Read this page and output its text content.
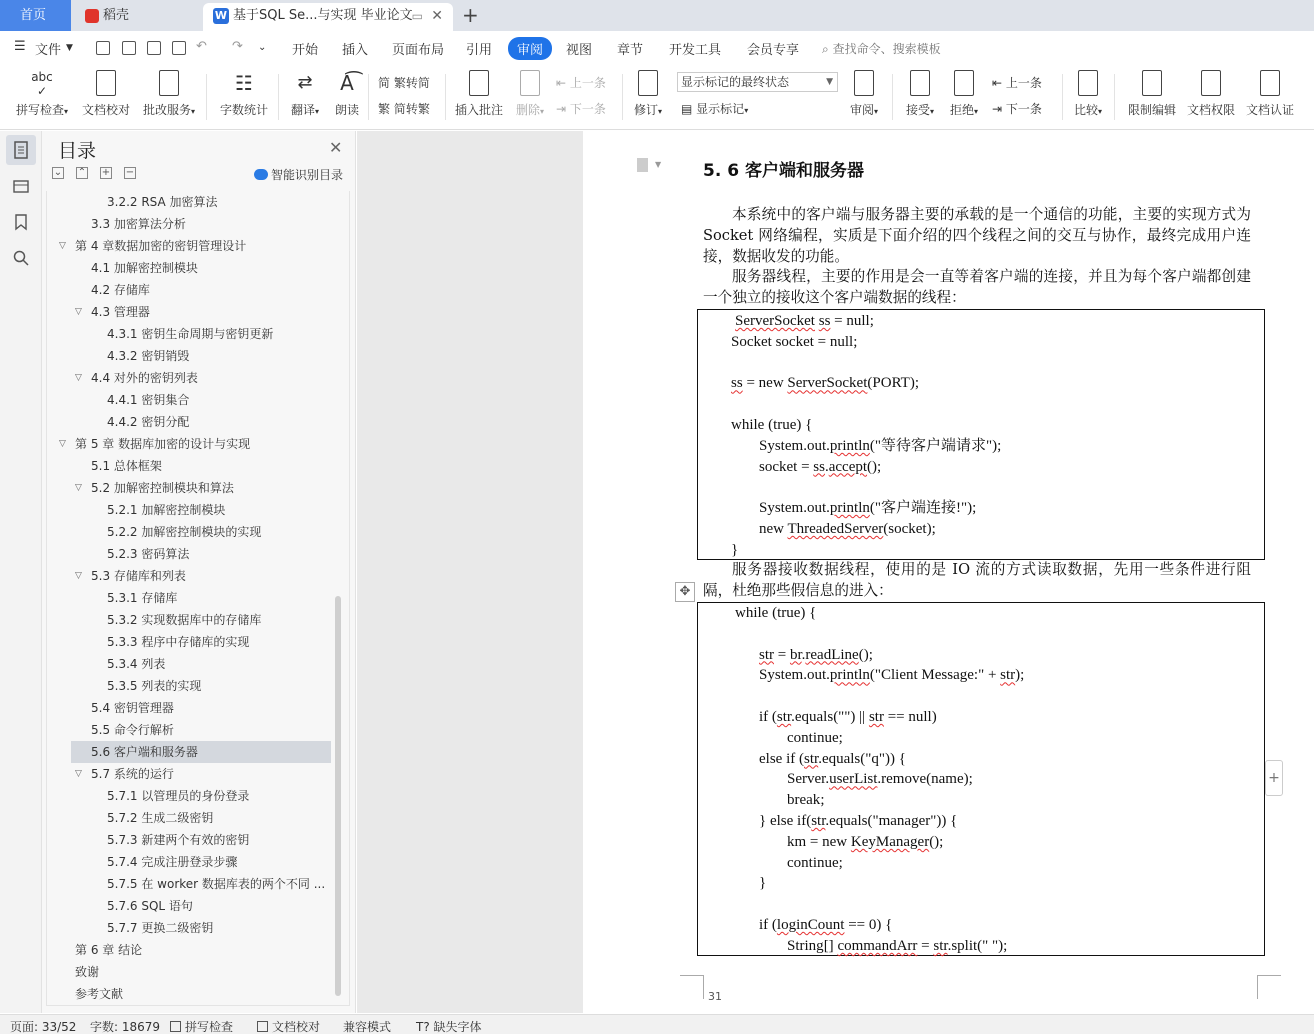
首页	稻壳	W 基于SQL Se...与实现 毕业论文 ▭ ✕ +
☰ 文件 ▼	↶ ↷ ⌄ 开始 插入 页面布局 引用	审阅	视图 章节 开发工具 会员专享 ⌕ 查找命令、搜索模板
abc
✓
拼写检查▾	文档校对 批改服务▾
☷
字数统计
⇄
翻译▾
A͡
朗读
简 繁转简
繁 简转繁 插入批注	删除▾
⇤ 上一条
⇥ 下一条	修订▾
显示标记的最终状态	▼
▤ 显示标记▾	审阅▾	接受▾	拒绝▾
⇤ 上一条
⇥ 下一条	比较▾	限制编辑 文档权限 文档认证
目录	✕
⌄ ⌃ + −	智能识别目录
3.2.2 RSA 加密算法
3.3 加密算法分析
▽ 第 4 章数据加密的密钥管理设计
4.1 加解密控制模块
4.2 存储库
▽ 4.3 管理器
4.3.1 密钥生命周期与密钥更新
4.3.2 密钥销毁
▽ 4.4 对外的密钥列表
4.4.1 密钥集合
4.4.2 密钥分配
▽ 第 5 章 数据库加密的设计与实现
5.1 总体框架
▽ 5.2 加解密控制模块和算法
5.2.1 加解密控制模块
5.2.2 加解密控制模块的实现
5.2.3 密码算法
▽ 5.3 存储库和列表
5.3.1 存储库
5.3.2 实现数据库中的存储库
5.3.3 程序中存储库的实现
5.3.4 列表
5.3.5 列表的实现
5.4 密钥管理器
5.5 命令行解析
5.6 客户端和服务器
▽ 5.7 系统的运行
5.7.1 以管理员的身份登录
5.7.2 生成二级密钥
5.7.3 新建两个有效的密钥
5.7.4 完成注册登录步骤
5.7.5 在 worker 数据库表的两个不同 ...
5.7.6 SQL 语句
5.7.7 更换二级密钥
第 6 章 结论
致谢
参考文献
▼ 5. 6 客户端和服务器
本系统中的客户端与服务器主要的承载的是一个通信的功能，主要的实现方式为 Socket 网络编程，实质是下面介绍的四个线程之间的交互与协作，最终完成用户连接，数据收发的功能。
服务器线程，主要的作用是会一直等着客户端的连接，并且为每个客户端都创建一个独立的接收这个客户端数据的线程：
ServerSocket ss = null;
Socket socket = null;
ss = new ServerSocket(PORT);
while (true) {
System.out.println("等待客户端请求");
socket = ss.accept();
System.out.println("客户端连接!");
new ThreadedServer(socket);
}
服务器接收数据线程，使用的是 IO 流的方式读取数据，先用一些条件进行阻隔，杜绝那些假信息的进入：
✥
while (true) {
str = br.readLine();
System.out.println("Client Message:" + str);
if (str.equals("") || str == null)
continue;
else if (str.equals("q")) {
Server.userList.remove(name);
break;
} else if(str.equals("manager")) {
km = new KeyManager();
continue;
}
if (loginCount == 0) {
String[] commandArr = str.split(" ");
+
31
页面: 33/52 字数: 18679	拼写检查	文档校对 兼容模式 T? 缺失字体
